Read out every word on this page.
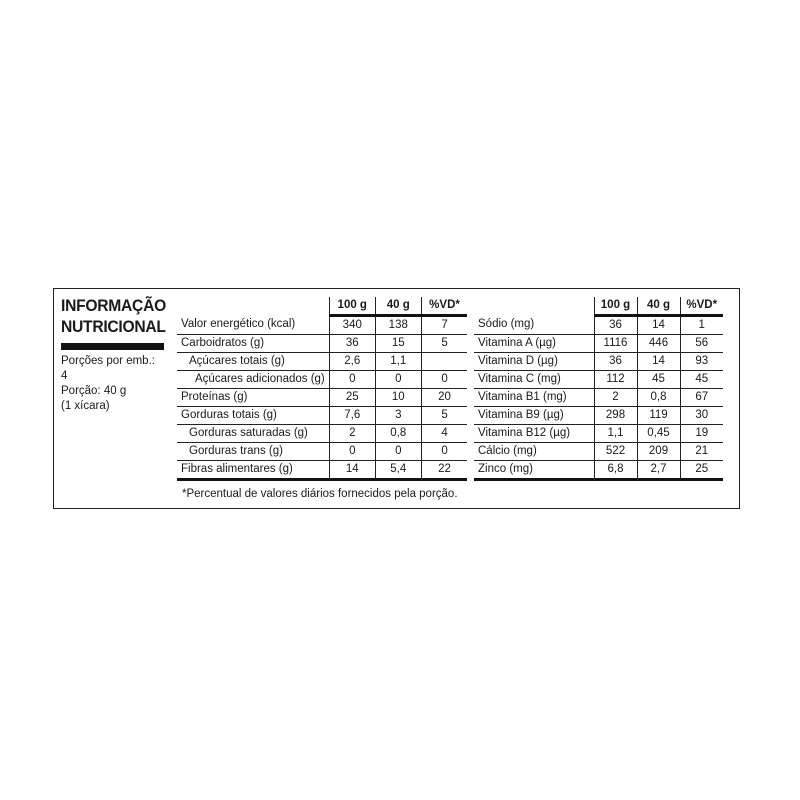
INFORMAÇÃO
NUTRICIONAL
Porções por emb.:
4
Porção: 40 g
(1 xícara)
	100 g	40 g	%VD*
Valor energético (kcal)	340	138	7
Carboidratos (g)	36	15	5
Açúcares totais (g)	2,6	1,1	
Açúcares adicionados (g)	0	0	0
Proteínas (g)	25	10	20
Gorduras totais (g)	7,6	3	5
Gorduras saturadas (g)	2	0,8	4
Gorduras trans (g)	0	0	0
Fibras alimentares (g)	14	5,4	22
	100 g	40 g	%VD*
Sódio (mg)	36	14	1
Vitamina A (µg)	1116	446	56
Vitamina D (µg)	36	14	93
Vitamina C (mg)	112	45	45
Vitamina B1 (mg)	2	0,8	67
Vitamina B9 (µg)	298	119	30
Vitamina B12 (µg)	1,1	0,45	19
Cálcio (mg)	522	209	21
Zinco (mg)	6,8	2,7	25
*Percentual de valores diários fornecidos pela porção.
